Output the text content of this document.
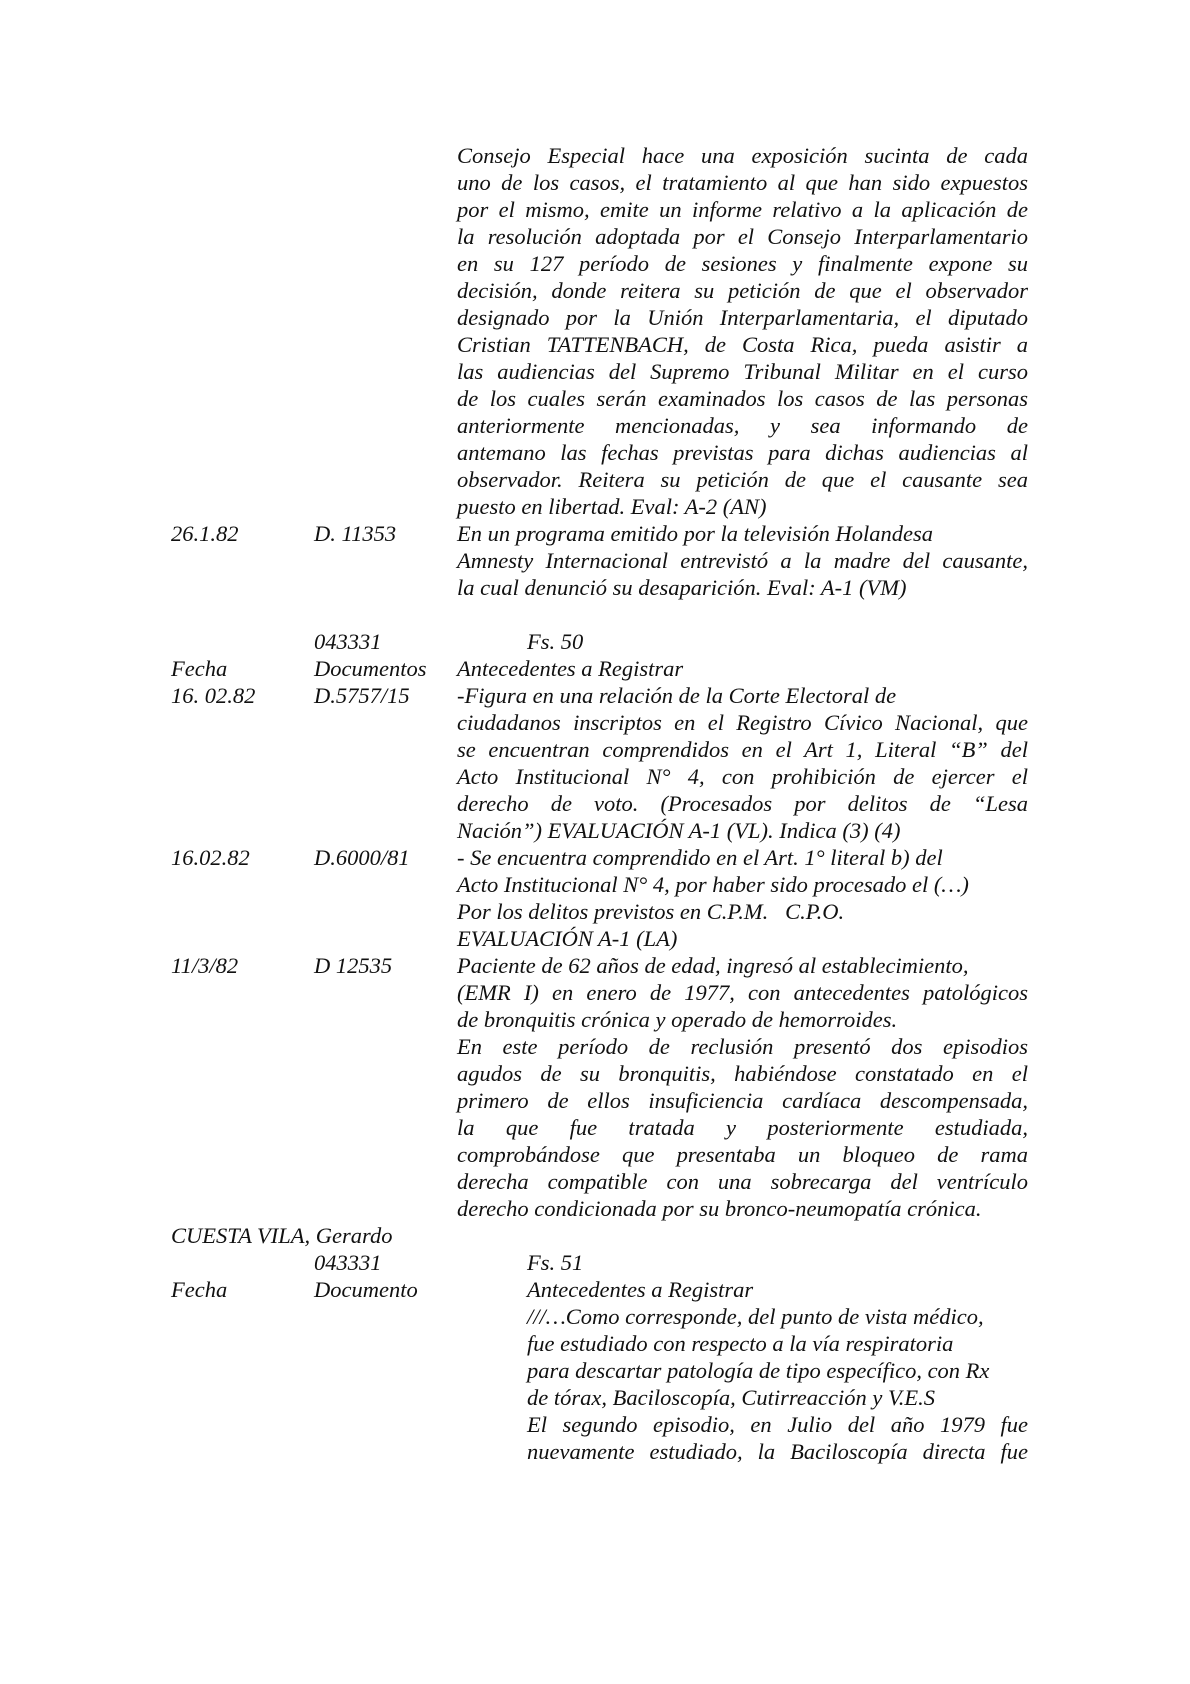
Consejo Especial hace una exposición sucinta de cada
uno de los casos, el tratamiento al que han sido expuestos
por el mismo, emite un informe relativo a la aplicación de
la resolución adoptada por el Consejo Interparlamentario
en su 127 período de sesiones y finalmente expone su
decisión, donde reitera su petición de que el observador
designado por la Unión Interparlamentaria, el diputado
Cristian TATTENBACH, de Costa Rica, pueda asistir a
las audiencias del Supremo Tribunal Militar en el curso
de los cuales serán examinados los casos de las personas
anteriormente mencionadas, y sea informando de
antemano las fechas previstas para dichas audiencias al
observador. Reitera su petición de que el causante sea
puesto en libertad. Eval: A-2 (AN)
26.1.82	D. 11353	En un programa emitido por la televisión Holandesa
Amnesty Internacional entrevistó a la madre del causante,
la cual denunció su desaparición. Eval: A-1 (VM)
043331	Fs. 50
Fecha	Documentos Antecedentes a Registrar
16. 02.82	D.5757/15 -Figura en una relación de la Corte Electoral de
ciudadanos inscriptos en el Registro Cívico Nacional, que
se encuentran comprendidos en el Art 1, Literal “B” del
Acto Institucional N° 4, con prohibición de ejercer el
derecho de voto. (Procesados por delitos de “Lesa
Nación”) EVALUACIÓN A-1 (VL). Indica (3) (4)
16.02.82	D.6000/81 - Se encuentra comprendido en el Art. 1° literal b) del
Acto Institucional N° 4, por haber sido procesado el (…)
Por los delitos previstos en C.P.M.   C.P.O.
EVALUACIÓN A-1 (LA)
11/3/82	D 12535	Paciente de 62 años de edad, ingresó al establecimiento,
(EMR I) en enero de 1977, con antecedentes patológicos
de bronquitis crónica y operado de hemorroides.
En este período de reclusión presentó dos episodios
agudos de su bronquitis, habiéndose constatado en el
primero de ellos insuficiencia cardíaca descompensada,
la que fue tratada y posteriormente estudiada,
comprobándose que presentaba un bloqueo de rama
derecha compatible con una sobrecarga del ventrículo
derecho condicionada por su bronco-neumopatía crónica.
CUESTA VILA, Gerardo
043331	Fs. 51
Fecha	Documento	Antecedentes a Registrar
///…Como corresponde, del punto de vista médico,
fue estudiado con respecto a la vía respiratoria
para descartar patología de tipo específico, con Rx
de tórax, Baciloscopía, Cutirreacción y V.E.S
El segundo episodio, en Julio del año 1979 fue
nuevamente estudiado, la Baciloscopía directa fue
